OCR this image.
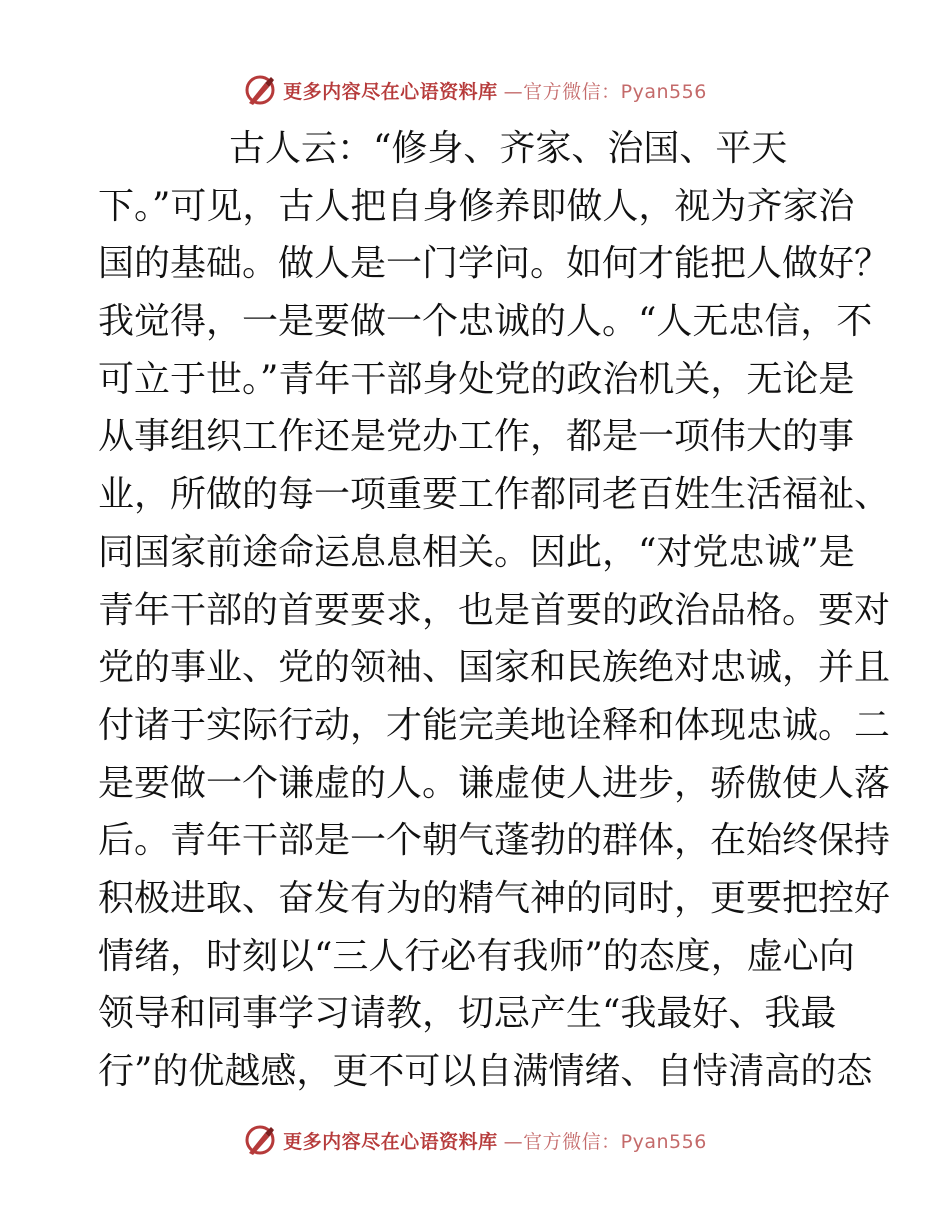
更多内容尽在心语资料库 —官方微信：Pyan556
古人云：“修身、齐家、治国、平天
下。”可见，古人把自身修养即做人，视为齐家治
国的基础。做人是一门学问。如何才能把人做好？
我觉得，一是要做一个忠诚的人。“人无忠信，不
可立于世。”青年干部身处党的政治机关，无论是
从事组织工作还是党办工作，都是一项伟大的事
业，所做的每一项重要工作都同老百姓生活福祉、
同国家前途命运息息相关。因此，“对党忠诚”是
青年干部的首要要求，也是首要的政治品格。要对
党的事业、党的领袖、国家和民族绝对忠诚，并且
付诸于实际行动，才能完美地诠释和体现忠诚。二
是要做一个谦虚的人。谦虚使人进步，骄傲使人落
后。青年干部是一个朝气蓬勃的群体，在始终保持
积极进取、奋发有为的精气神的同时，更要把控好
情绪，时刻以“三人行必有我师”的态度，虚心向
领导和同事学习请教，切忌产生“我最好、我最
行”的优越感，更不可以自满情绪、自恃清高的态
更多内容尽在心语资料库 —官方微信：Pyan556
